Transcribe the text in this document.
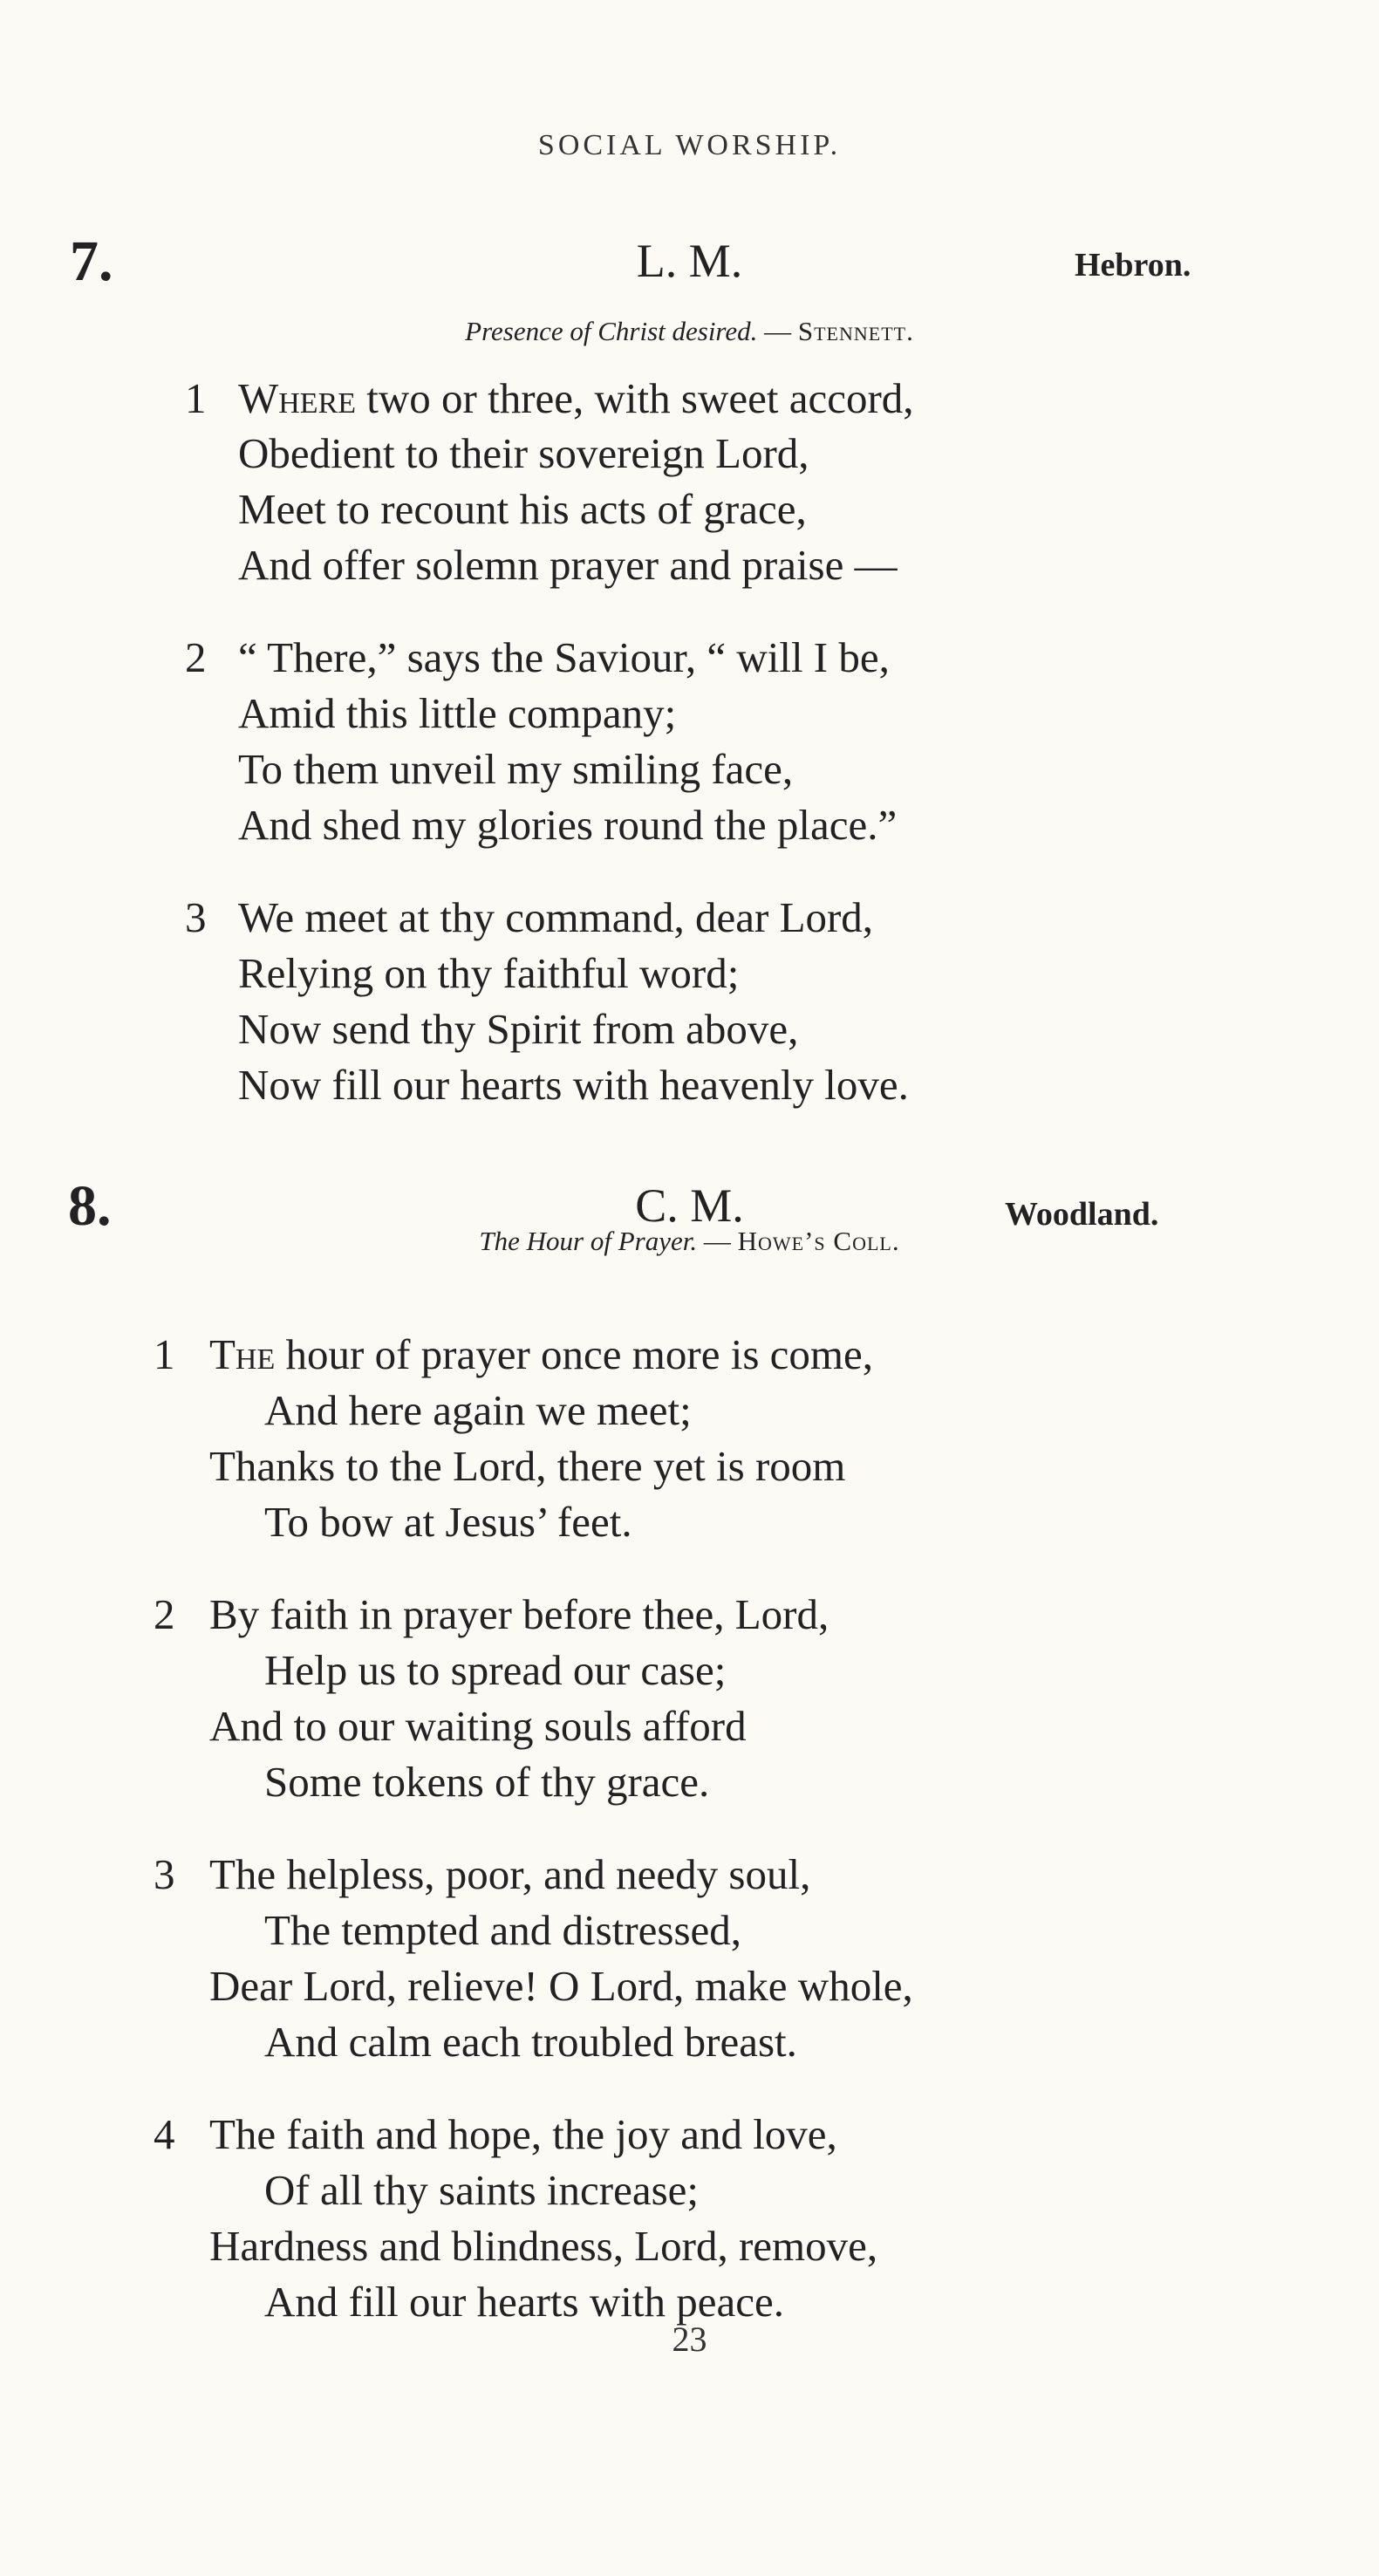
SOCIAL WORSHIP.
7.	L. M.	Hebron.
Presence of Christ desired. — Stennett.
1 Where two or three, with sweet accord,
Obedient to their sovereign Lord,
Meet to recount his acts of grace,
And offer solemn prayer and praise —
2 “ There,” says the Saviour, “ will I be,
Amid this little company;
To them unveil my smiling face,
And shed my glories round the place.”
3 We meet at thy command, dear Lord,
Relying on thy faithful word;
Now send thy Spirit from above,
Now fill our hearts with heavenly love.
8.	C. M.	Woodland.
The Hour of Prayer. — Howe’s Coll.
1 The hour of prayer once more is come,
And here again we meet;
Thanks to the Lord, there yet is room
To bow at Jesus’ feet.
2 By faith in prayer before thee, Lord,
Help us to spread our case;
And to our waiting souls afford
Some tokens of thy grace.
3 The helpless, poor, and needy soul,
The tempted and distressed,
Dear Lord, relieve! O Lord, make whole,
And calm each troubled breast.
4 The faith and hope, the joy and love,
Of all thy saints increase;
Hardness and blindness, Lord, remove,
And fill our hearts with peace.
23
